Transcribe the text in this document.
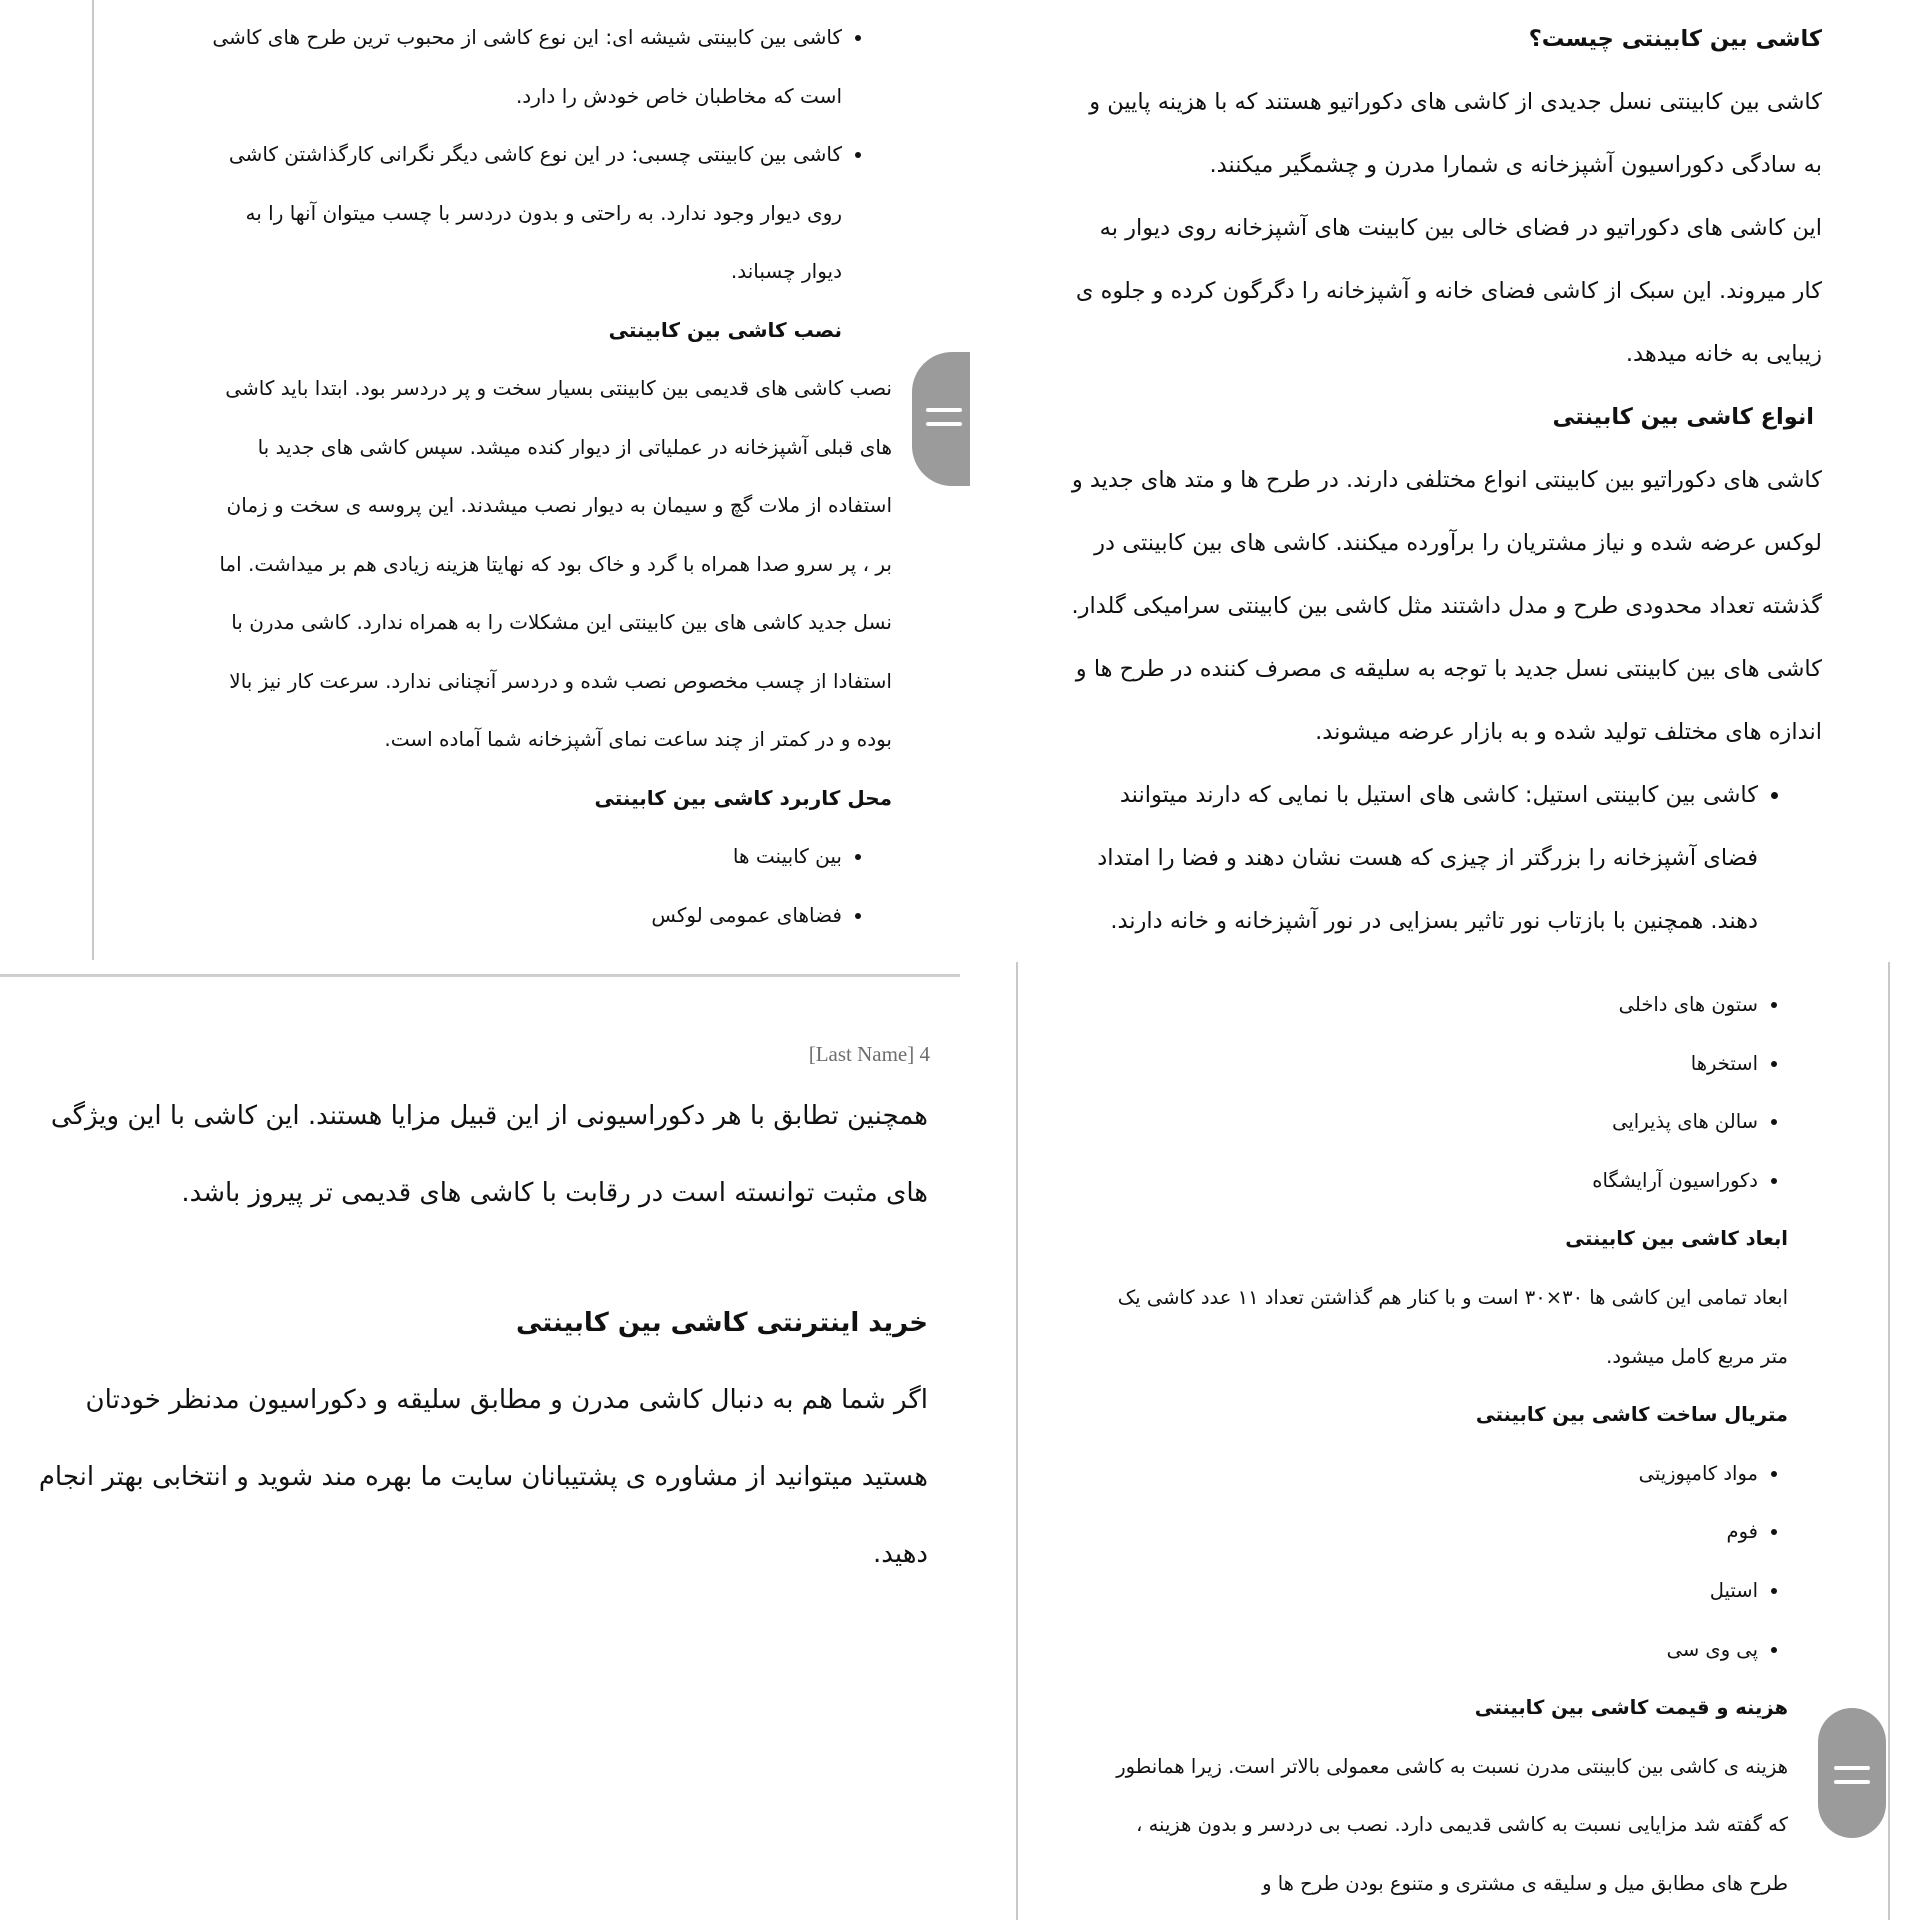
کاشی بین کابینتی چیست؟

کاشی بین کابینتی نسل جدیدی از کاشی های دکوراتیو هستند که با هزینه پایین و به سادگی دکوراسیون آشپزخانه ی شمارا مدرن و چشمگیر میکنند.

این کاشی های دکوراتیو در فضای خالی بین کابینت های آشپزخانه روی دیوار به کار میروند. این سبک از کاشی فضای خانه و آشپزخانه را دگرگون کرده و جلوه ی زیبایی به خانه میدهد.

انواع کاشی بین کابینتی

کاشی های دکوراتیو بین کابینتی انواع مختلفی دارند. در طرح ها و متد های جدید و لوکس عرضه شده و نیاز مشتریان را برآورده میکنند. کاشی های بین کابینتی در گذشته تعداد محدودی طرح و مدل داشتند مثل کاشی بین کابینتی سرامیکی گلدار. کاشی های بین کابینتی نسل جدید با توجه به سلیقه ی مصرف کننده در طرح ها و اندازه های مختلف تولید شده و به بازار عرضه میشوند.

• کاشی بین کابینتی استیل: کاشی های استیل با نمایی که دارند میتوانند فضای آشپزخانه را بزرگتر از چیزی که هست نشان دهند و فضا را امتداد دهند. همچنین با بازتاب نور تاثیر بسزایی در نور آشپزخانه و خانه دارند.
• کاشی بین کابینتی شیشه ای: این نوع کاشی از محبوب ترین طرح های کاشی است که مخاطبان خاص خودش را دارد.
• کاشی بین کابینتی چسبی: در این نوع کاشی دیگر نگرانی کارگذاشتن کاشی روی دیوار وجود ندارد. به راحتی و بدون دردسر با چسب میتوان آنها را به دیوار چسباند.
نصب کاشی بین کابینتی

نصب کاشی های قدیمی بین کابینتی بسیار سخت و پر دردسر بود. ابتدا باید کاشی های قبلی آشپزخانه در عملیاتی از دیوار کنده میشد. سپس کاشی های جدید با استفاده از ملات گچ و سیمان به دیوار نصب میشدند. این پروسه ی سخت و زمان بر ، پر سرو صدا همراه با گرد و خاک بود که نهایتا هزینه زیادی هم بر میداشت. اما نسل جدید کاشی های بین کابینتی این مشکلات را به همراه ندارد. کاشی مدرن با استفادا از چسب مخصوص نصب شده و دردسر آنچنانی ندارد. سرعت کار نیز بالا بوده و در کمتر از چند ساعت نمای آشپزخانه شما آماده است.

محل کاربرد کاشی بین کابینتی
• بین کابینت ها
• فضاهای عمومی لوکس
• ستون های داخلی
• استخرها
• سالن های پذیرایی
• دکوراسیون آرایشگاه
ابعاد کاشی بین کابینتی

ابعاد تمامی این کاشی ها ۳۰×۳۰ است و با کنار هم گذاشتن تعداد ۱۱ عدد کاشی یک متر مربع کامل میشود.

متریال ساخت کاشی بین کابینتی
• مواد کامپوزیتی
• فوم
• استیل
• پی وی سی
هزینه و قیمت کاشی بین کابینتی

هزینه ی کاشی بین کابینتی مدرن نسبت به کاشی معمولی بالاتر است. زیرا همانطور که گفته شد مزایایی نسبت به کاشی قدیمی دارد. نصب بی دردسر و بدون هزینه ، طرح های مطابق میل و سلیقه ی مشتری و متنوع بودن طرح ها و

[Last Name] 4

همچنین تطابق با هر دکوراسیونی از این قبیل مزایا هستند. این کاشی با این ویژگی های مثبت توانسته است در رقابت با کاشی های قدیمی تر پیروز باشد.

خرید اینترنتی کاشی بین کابینتی

اگر شما هم به دنبال کاشی مدرن و مطابق سلیقه و دکوراسیون مدنظر خودتان هستید میتوانید از مشاوره ی پشتیبانان سایت ما بهره مند شوید و انتخابی بهتر انجام دهید.
